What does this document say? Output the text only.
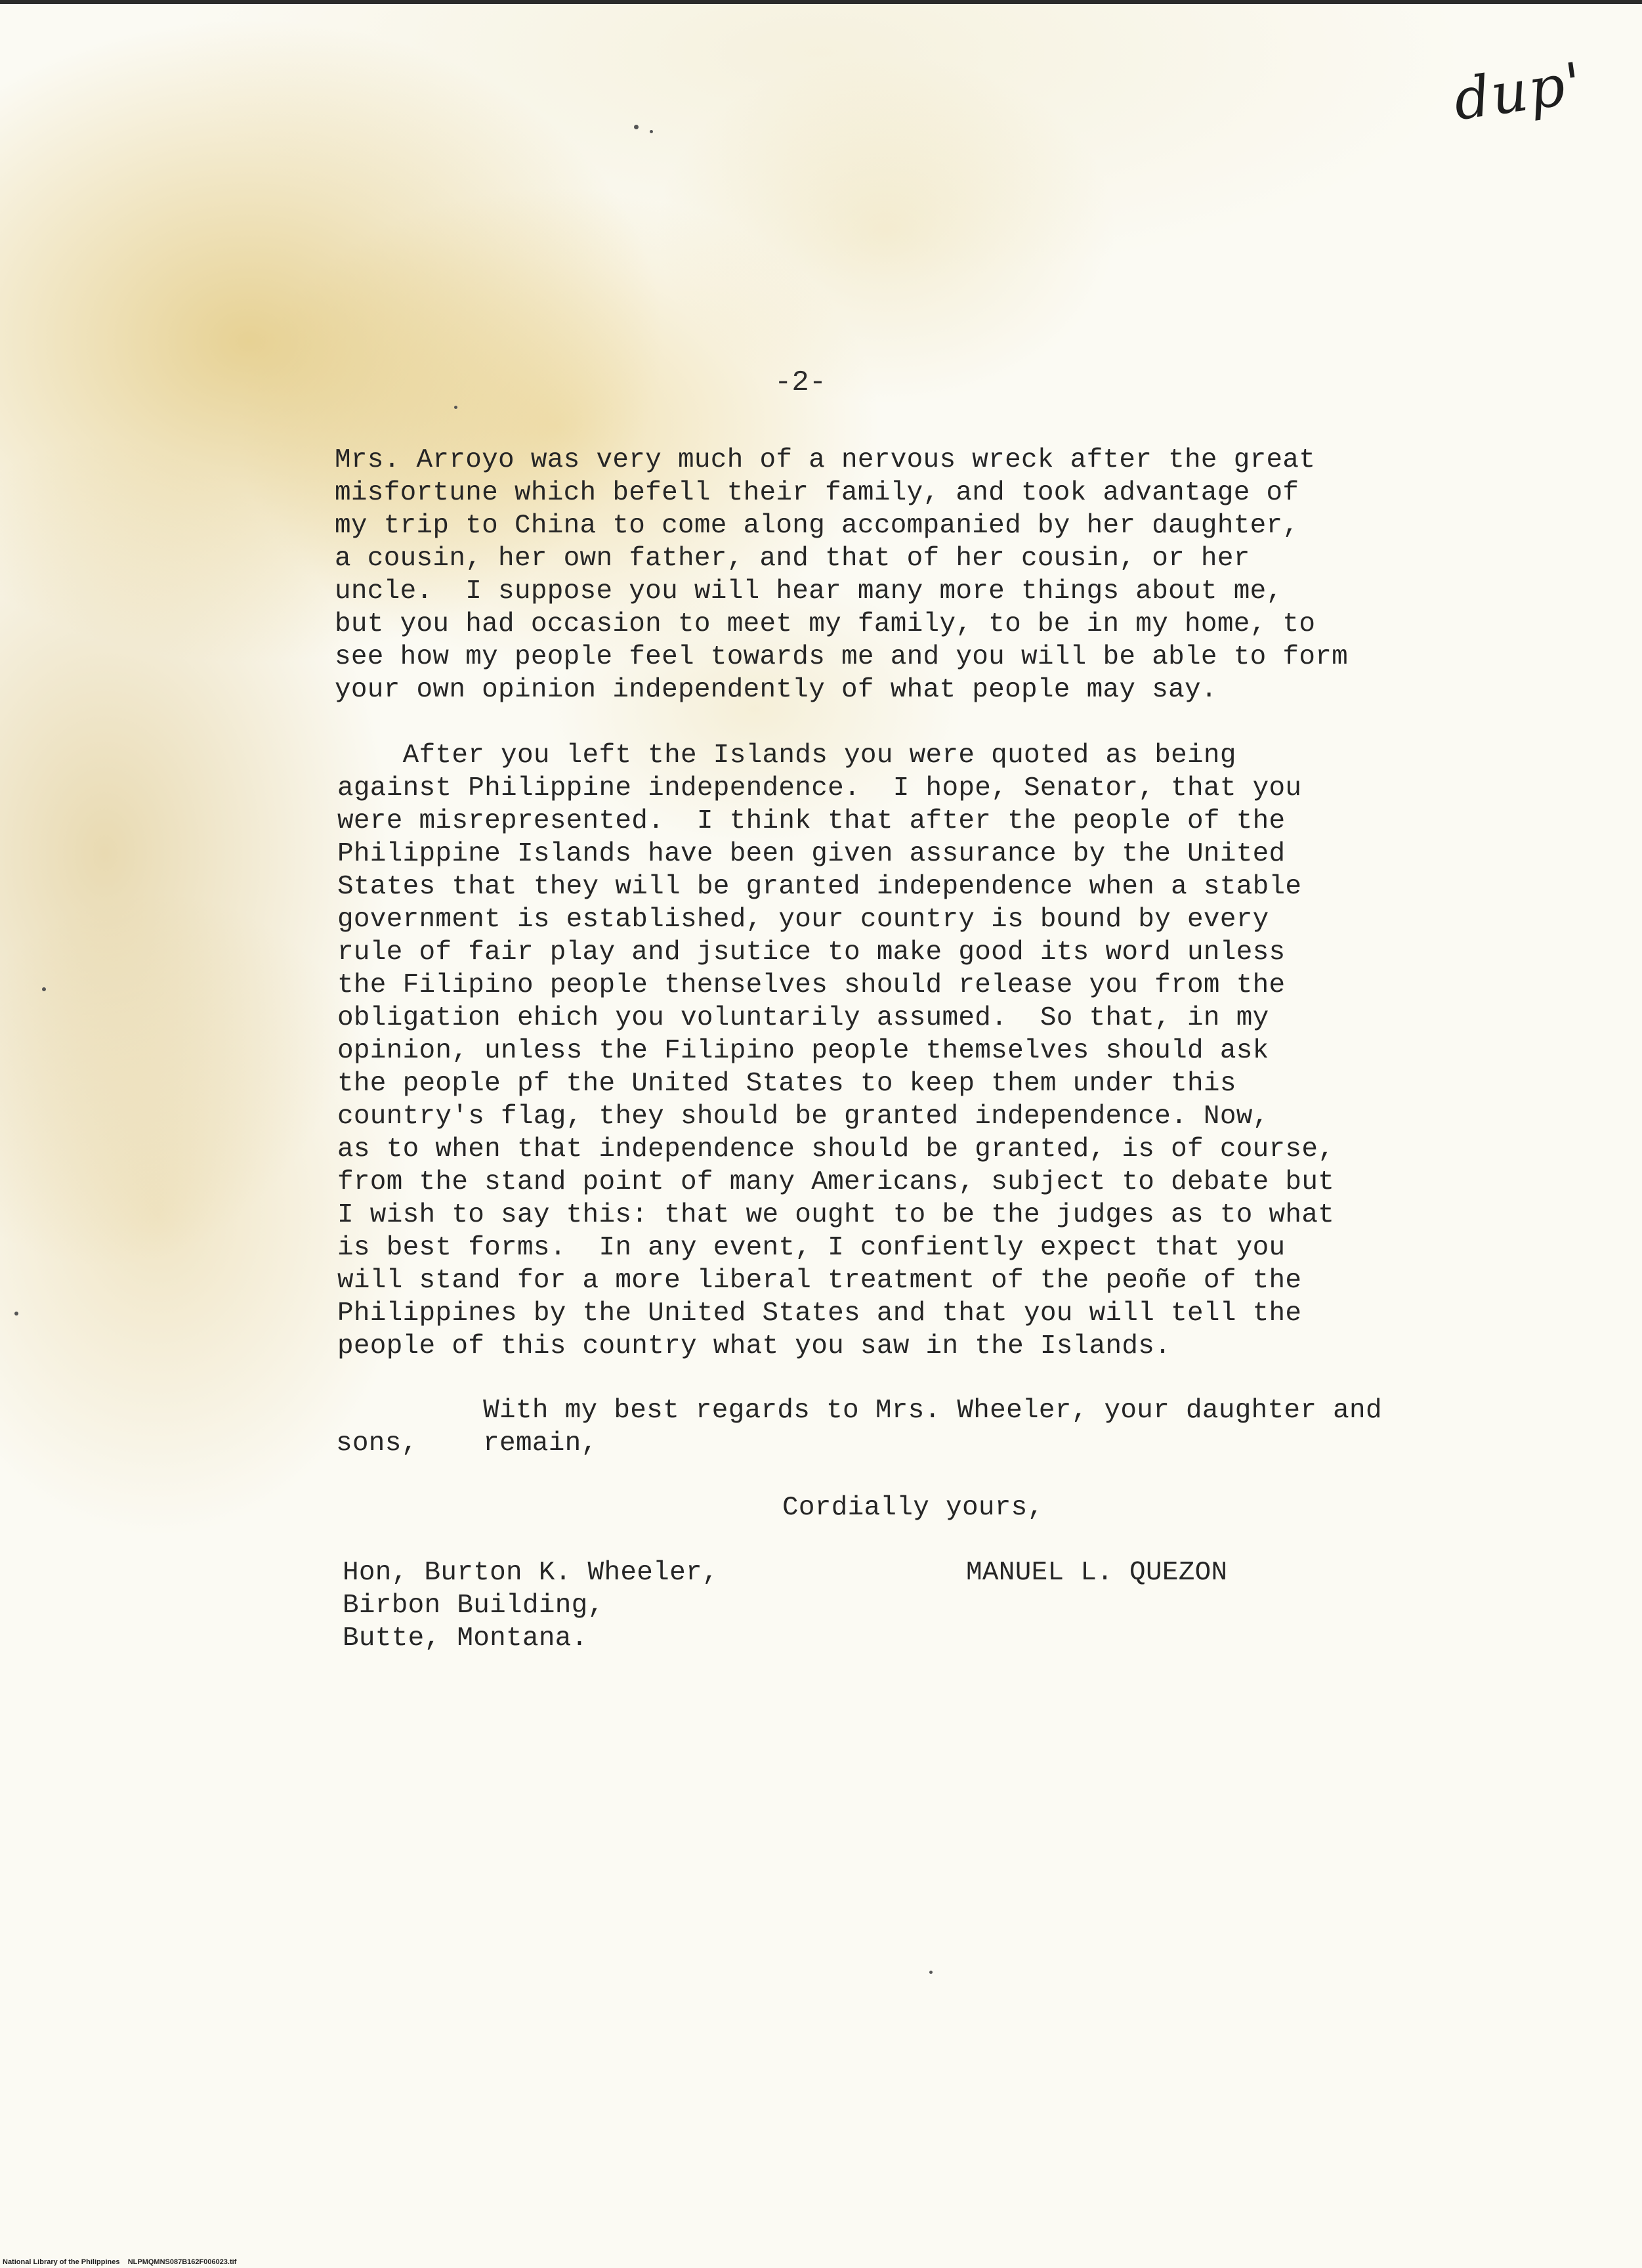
dup'
-2-
Mrs. Arroyo was very much of a nervous wreck after the great
misfortune which befell their family, and took advantage of
my trip to China to come along accompanied by her daughter,
a cousin, her own father, and that of her cousin, or her
uncle.  I suppose you will hear many more things about me,
but you had occasion to meet my family, to be in my home, to
see how my people feel towards me and you will be able to form
your own opinion independently of what people may say.
After you left the Islands you were quoted as being
against Philippine independence.  I hope, Senator, that you
were misrepresented.  I think that after the people of the
Philippine Islands have been given assurance by the United
States that they will be granted independence when a stable
government is established, your country is bound by every
rule of fair play and jsutice to make good its word unless
the Filipino people thenselves should release you from the
obligation ehich you voluntarily assumed.  So that, in my
opinion, unless the Filipino people themselves should ask
the people pf the United States to keep them under this
country's flag, they should be granted independence. Now,
as to when that independence should be granted, is of course,
from the stand point of many Americans, subject to debate but
I wish to say this: that we ought to be the judges as to what
is best forms.  In any event, I confiently expect that you
will stand for a more liberal treatment of the peoñe of the
Philippines by the United States and that you will tell the
people of this country what you saw in the Islands.
With my best regards to Mrs. Wheeler, your daughter and
sons,    remain,
Cordially yours,
Hon, Burton K. Wheeler,
Birbon Building,
Butte, Montana.
MANUEL L. QUEZON
National Library of the Philippines    NLPMQMNS087B162F006023.tif
